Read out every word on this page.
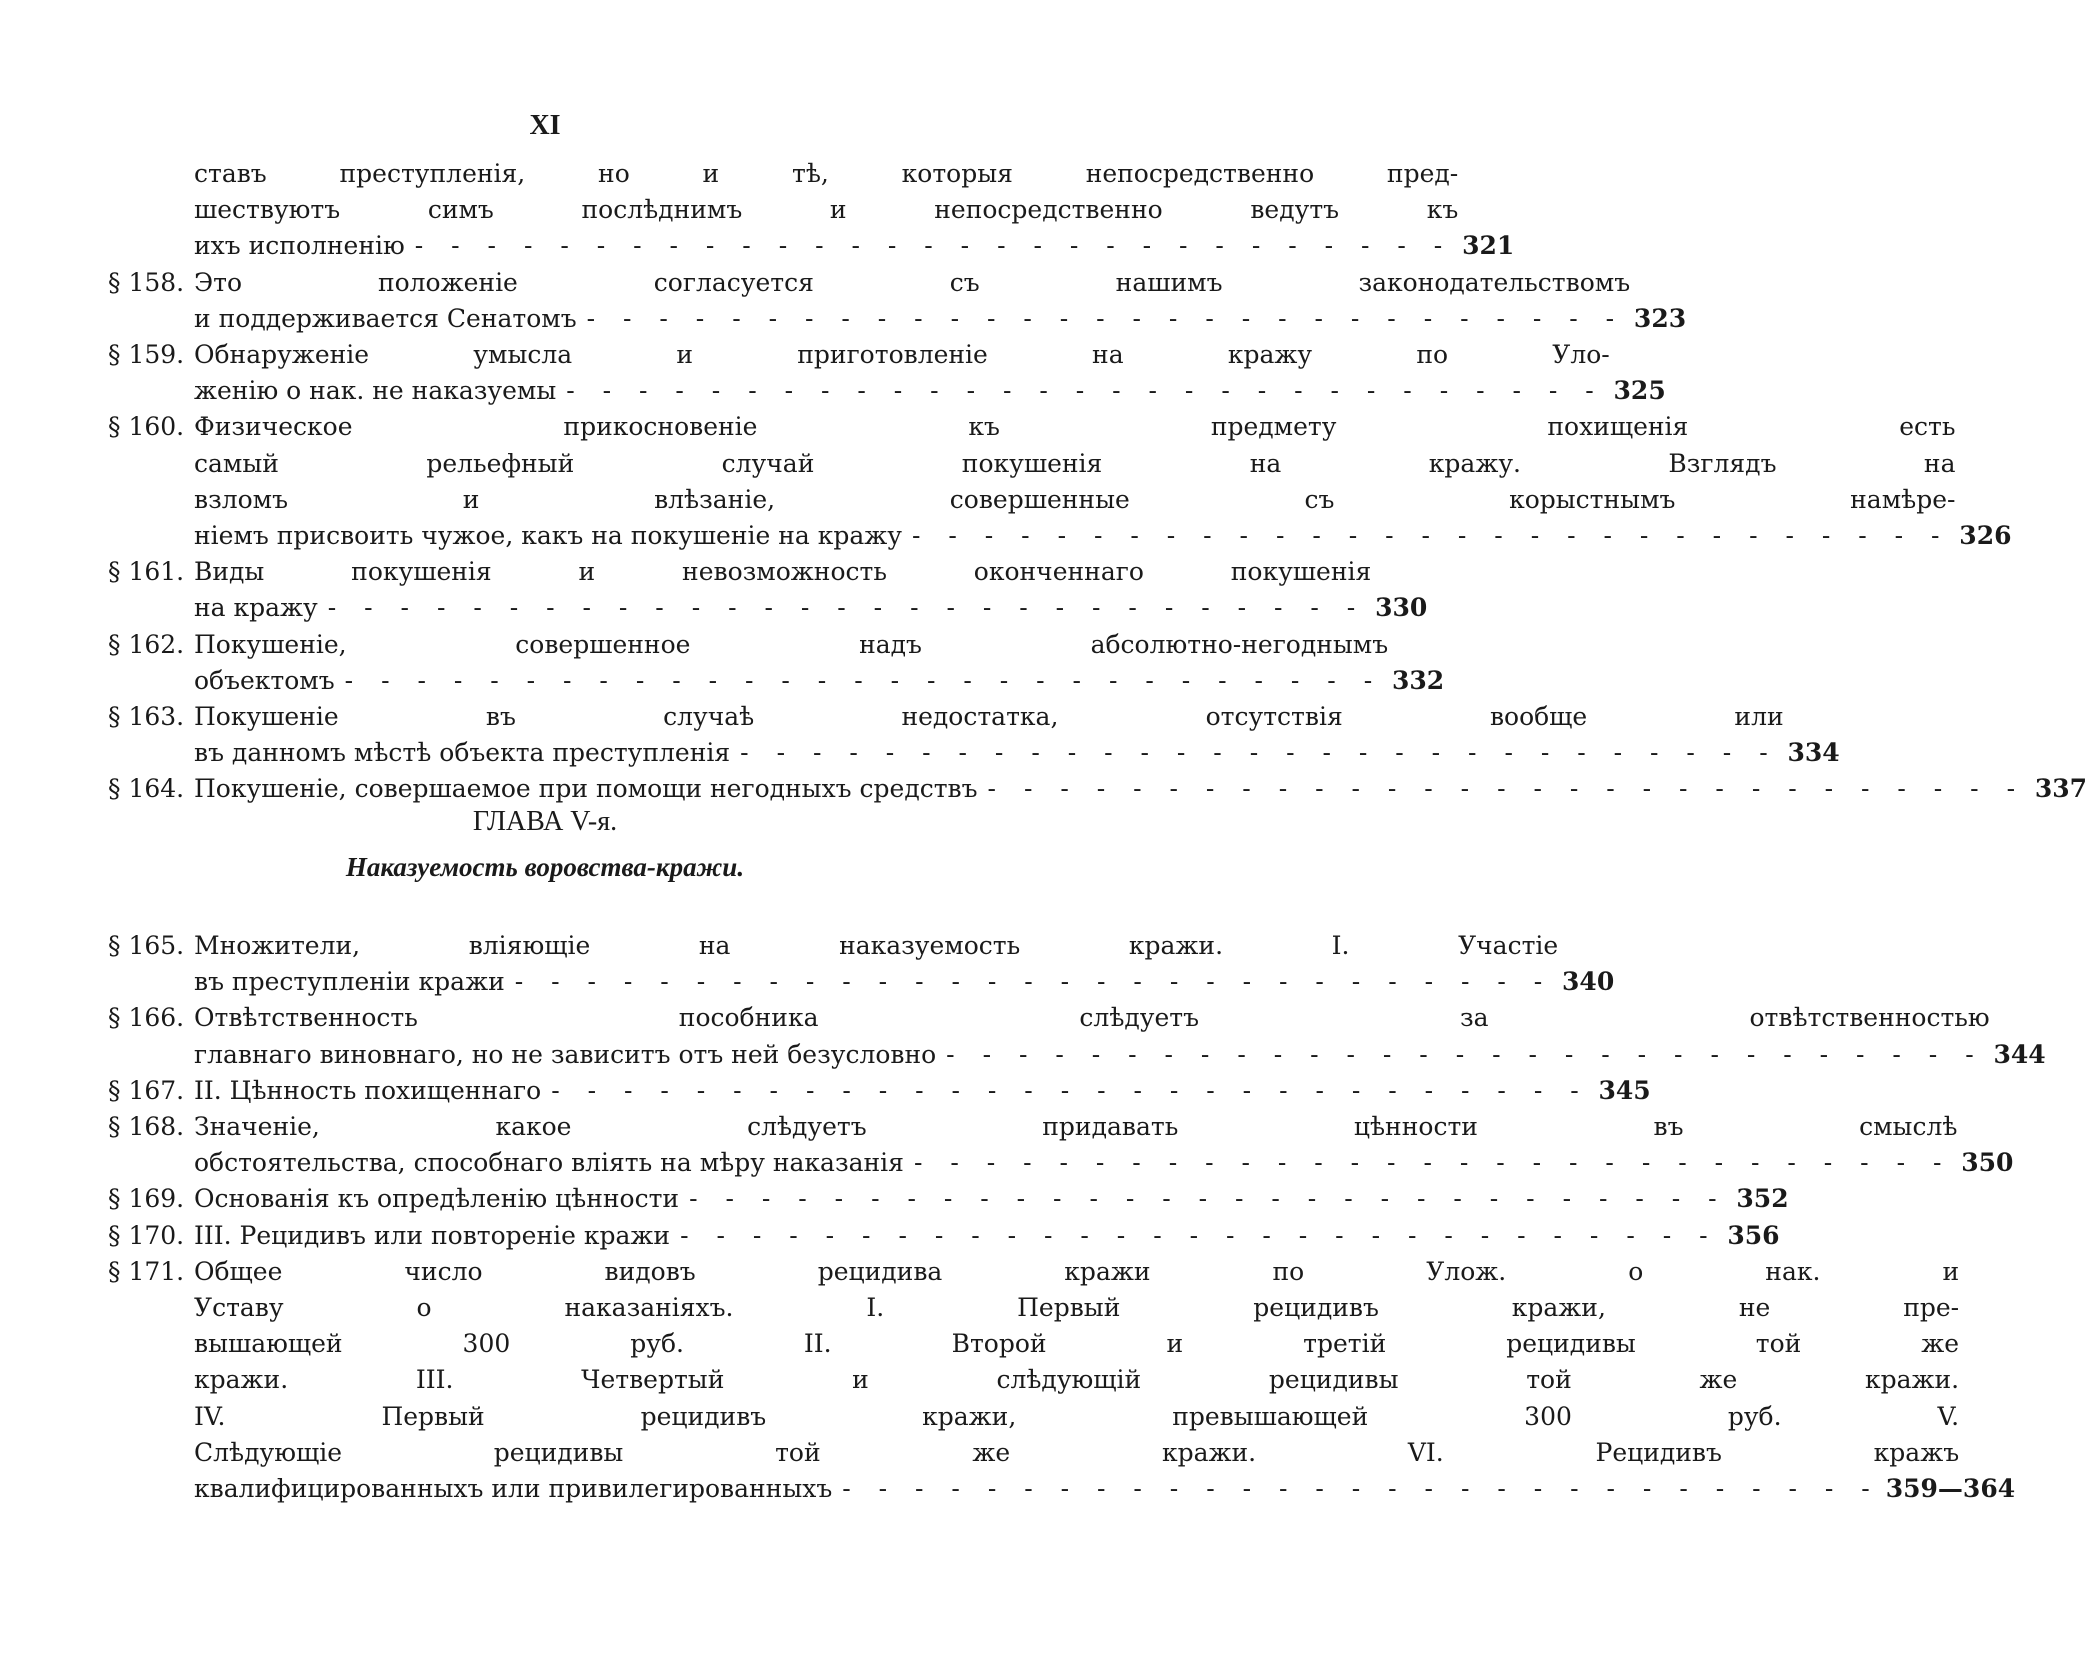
XI
ставъ преступленія, но и тѣ, которыя непосредственно пред-
шествуютъ симъ послѣднимъ и непосредственно ведутъ къ
ихъ исполненію - - - - - - - - - - - - - - - - - - - - - - - - - - - - - 321
§ 158. Это положеніе согласуется съ нашимъ законодательствомъ
и поддерживается Сенатомъ - - - - - - - - - - - - - - - - - - - - - - - - - - - - - 323
§ 159. Обнаруженіе умысла и приготовленіе на кражу по Уло-
женію о нак. не наказуемы - - - - - - - - - - - - - - - - - - - - - - - - - - - - - 325
§ 160. Физическое прикосновеніе къ предмету похищенія есть
самый рельефный случай покушенія на кражу. Взглядъ на
взломъ и влѣзаніе, совершенные съ корыстнымъ намѣре-
ніемъ присвоить чужое, какъ на покушеніе на кражу - - - - - - - - - - - - - - - - - - - - - - - - - - - - - 326
§ 161. Виды покушенія и невозможность оконченнаго покушенія
на кражу - - - - - - - - - - - - - - - - - - - - - - - - - - - - - 330
§ 162. Покушеніе, совершенное надъ абсолютно-негоднымъ
объектомъ - - - - - - - - - - - - - - - - - - - - - - - - - - - - - 332
§ 163. Покушеніе въ случаѣ недостатка, отсутствія вообще или
въ данномъ мѣстѣ объекта преступленія - - - - - - - - - - - - - - - - - - - - - - - - - - - - - 334
§ 164. Покушеніе, совершаемое при помощи негодныхъ средствъ - - - - - - - - - - - - - - - - - - - - - - - - - - - - - 337
ГЛАВА V-я.
Наказуемость воровства-кражи.
§ 165. Множители, вліяющіе на наказуемость кражи. I. Участіе
въ преступленіи кражи - - - - - - - - - - - - - - - - - - - - - - - - - - - - - 340
§ 166. Отвѣтственность пособника слѣдуетъ за отвѣтственностью
главнаго виновнаго, но не зависитъ отъ ней безусловно - - - - - - - - - - - - - - - - - - - - - - - - - - - - - 344
§ 167. II. Цѣнность похищеннаго - - - - - - - - - - - - - - - - - - - - - - - - - - - - - 345
§ 168. Значеніе, какое слѣдуетъ придавать цѣнности въ смыслѣ
обстоятельства, способнаго вліять на мѣру наказанія - - - - - - - - - - - - - - - - - - - - - - - - - - - - - 350
§ 169. Основанія къ опредѣленію цѣнности - - - - - - - - - - - - - - - - - - - - - - - - - - - - - 352
§ 170. III. Рецидивъ или повтореніе кражи - - - - - - - - - - - - - - - - - - - - - - - - - - - - - 356
§ 171. Общее число видовъ рецидива кражи по Улож. о нак. и
Уставу о наказаніяхъ. I. Первый рецидивъ кражи, не пре-
вышающей 300 руб. II. Второй и третій рецидивы той же
кражи. III. Четвертый и слѣдующій рецидивы той же кражи.
IV. Первый рецидивъ кражи, превышающей 300 руб. V.
Слѣдующіе рецидивы той же кражи. VI. Рецидивъ кражъ
квалифицированныхъ или привилегированныхъ - - - - - - - - - - - - - - - - - - - - - - - - - - - - - 359—364
